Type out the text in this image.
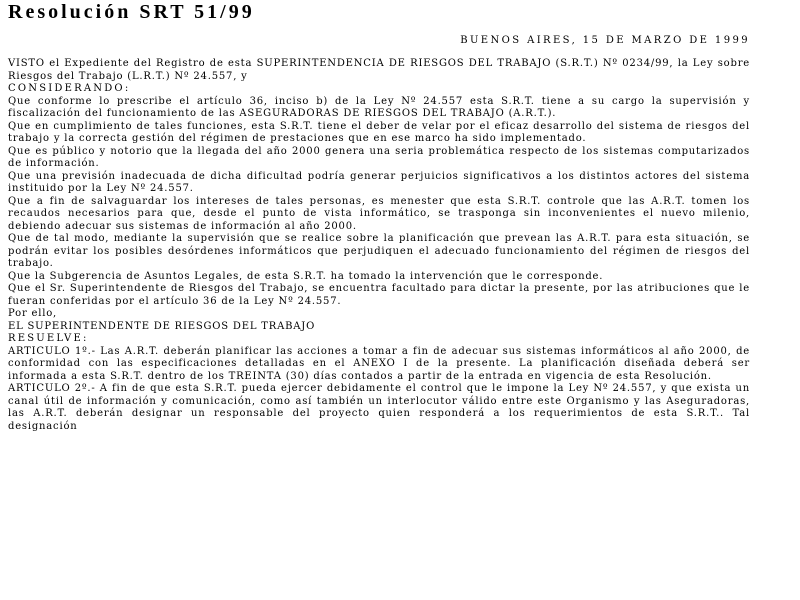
Resolución SRT 51/99
BUENOS AIRES, 15 DE MARZO DE 1999

VISTO el Expediente del Registro de esta SUPERINTENDENCIA DE RIESGOS DEL TRABAJO (S.R.T.) Nº 0234/99, la Ley sobre Riesgos del Trabajo (L.R.T.) Nº 24.557, y

CONSIDERANDO:

Que conforme lo prescribe el artículo 36, inciso b) de la Ley Nº 24.557 esta S.R.T. tiene a su cargo la supervisión y fiscalización del funcionamiento de las ASEGURADORAS DE RIESGOS DEL TRABAJO (A.R.T.).

Que en cumplimiento de tales funciones, esta S.R.T. tiene el deber de velar por el eficaz desarrollo del sistema de riesgos del trabajo y la correcta gestión del régimen de prestaciones que en ese marco ha sido implementado.

Que es público y notorio que la llegada del año 2000 genera una seria problemática respecto de los sistemas computarizados de información.

Que una previsión inadecuada de dicha dificultad podría generar perjuicios significativos a los distintos actores del sistema instituido por la Ley Nº 24.557.

Que a fin de salvaguardar los intereses de tales personas, es menester que esta S.R.T. controle que las A.R.T. tomen los recaudos necesarios para que, desde el punto de vista informático, se trasponga sin inconvenientes el nuevo milenio, debiendo adecuar sus sistemas de información al año 2000.

Que de tal modo, mediante la supervisión que se realice sobre la planificación que prevean las A.R.T. para esta situación, se podrán evitar los posibles desórdenes informáticos que perjudiquen el adecuado funcionamiento del régimen de riesgos del trabajo.

Que la Subgerencia de Asuntos Legales, de esta S.R.T. ha tomado la intervención que le corresponde.

Que el Sr. Superintendente de Riesgos del Trabajo, se encuentra facultado para dictar la presente, por las atribuciones que le fueran conferidas por el artículo 36 de la Ley Nº 24.557.

Por ello,

EL SUPERINTENDENTE DE RIESGOS DEL TRABAJO

RESUELVE:

ARTICULO 1º.- Las A.R.T. deberán planificar las acciones a tomar a fin de adecuar sus sistemas informáticos al año 2000, de conformidad con las especificaciones detalladas en el ANEXO I de la presente. La planificación diseñada deberá ser informada a esta S.R.T. dentro de los TREINTA (30) días contados a partir de la entrada en vigencia de esta Resolución.

ARTICULO 2º.- A fin de que esta S.R.T. pueda ejercer debidamente el control que le impone la Ley Nº 24.557, y que exista un canal útil de información y comunicación, como así también un interlocutor válido entre este Organismo y las Aseguradoras, las A.R.T. deberán designar un responsable del proyecto quien responderá a los requerimientos de esta S.R.T.. Tal designación
